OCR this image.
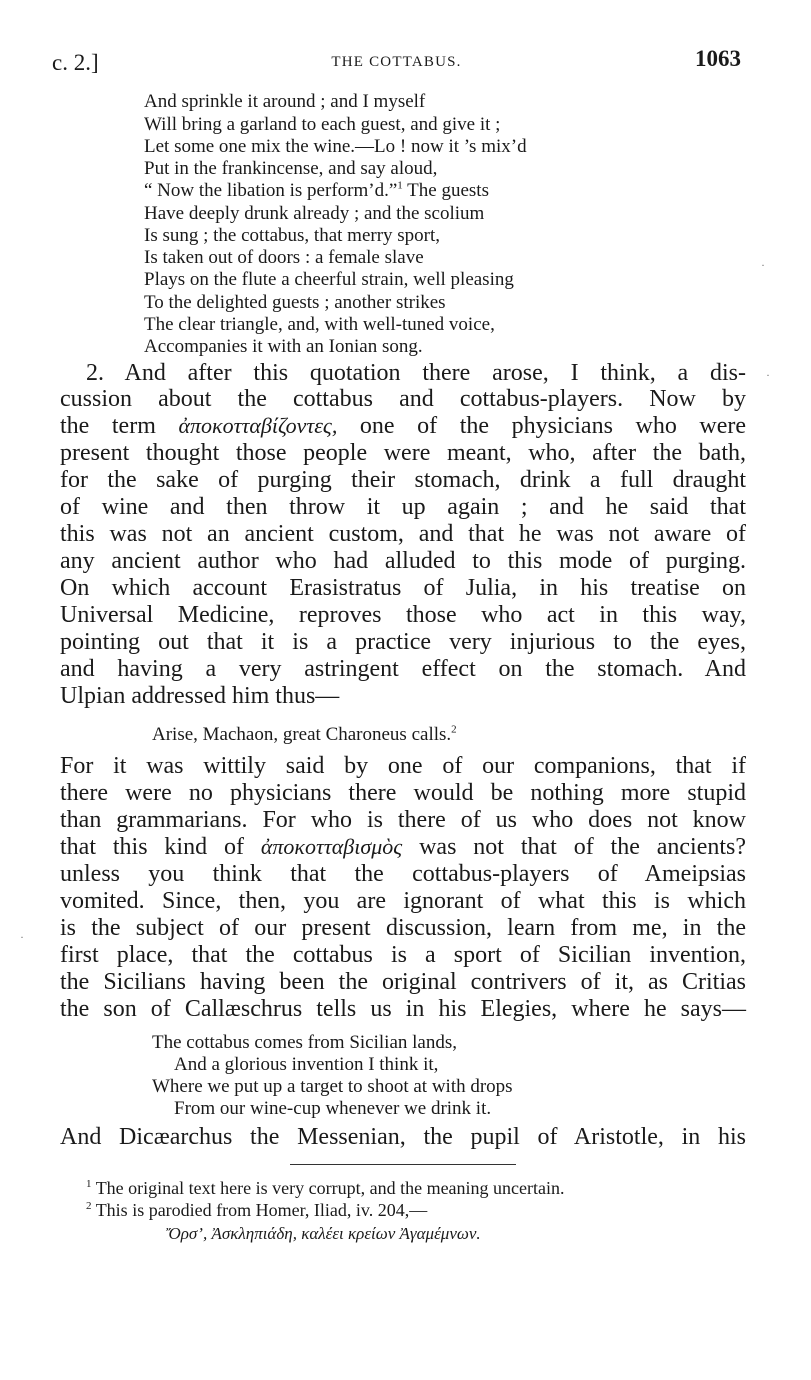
c. 2.]	THE COTTABUS.	1063
And sprinkle it around ; and I myself
Will bring a garland to each guest, and give it ;
Let some one mix the wine.—Lo ! now it ’s mix’d
Put in the frankincense, and say aloud,
“ Now the libation is perform’d.”$^1$ The guests
Have deeply drunk already ; and the scolium
Is sung ; the cottabus, that merry sport,
Is taken out of doors : a female slave
Plays on the flute a cheerful strain, well pleasing
To the delighted guests ; another strikes
The clear triangle, and, with well-tuned voice,
Accompanies it with an Ionian song.
2. And after this quotation there arose, I think, a dis-
cussion about the cottabus and cottabus-players. Now by
the term ἀποκοτταβίζοντες, one of the physicians who were
present thought those people were meant, who, after the bath,
for the sake of purging their stomach, drink a full draught
of wine and then throw it up again ; and he said that
this was not an ancient custom, and that he was not aware of
any ancient author who had alluded to this mode of purging.
On which account Erasistratus of Julia, in his treatise on
Universal Medicine, reproves those who act in this way,
pointing out that it is a practice very injurious to the eyes,
and having a very astringent effect on the stomach. And
Ulpian addressed him thus—
Arise, Machaon, great Charoneus calls.$^2$
For it was wittily said by one of our companions, that if
there were no physicians there would be nothing more stupid
than grammarians. For who is there of us who does not know
that this kind of ἀποκοτταβισμὸς was not that of the ancients?
unless you think that the cottabus-players of Ameipsias
vomited. Since, then, you are ignorant of what this is which
is the subject of our present discussion, learn from me, in the
first place, that the cottabus is a sport of Sicilian invention,
the Sicilians having been the original contrivers of it, as Critias
the son of Callæschrus tells us in his Elegies, where he says—
The cottabus comes from Sicilian lands,
And a glorious invention I think it,
Where we put up a target to shoot at with drops
From our wine-cup whenever we drink it.
And Dicæarchus the Messenian, the pupil of Aristotle, in his
$^1$ The original text here is very corrupt, and the meaning uncertain.
$^2$ This is parodied from Homer, Iliad, iv. 204,—
Ὄρσ’, Ἀσκληπιάδη, καλέει κρείων Ἀγαμέμνων.
·
·
·
